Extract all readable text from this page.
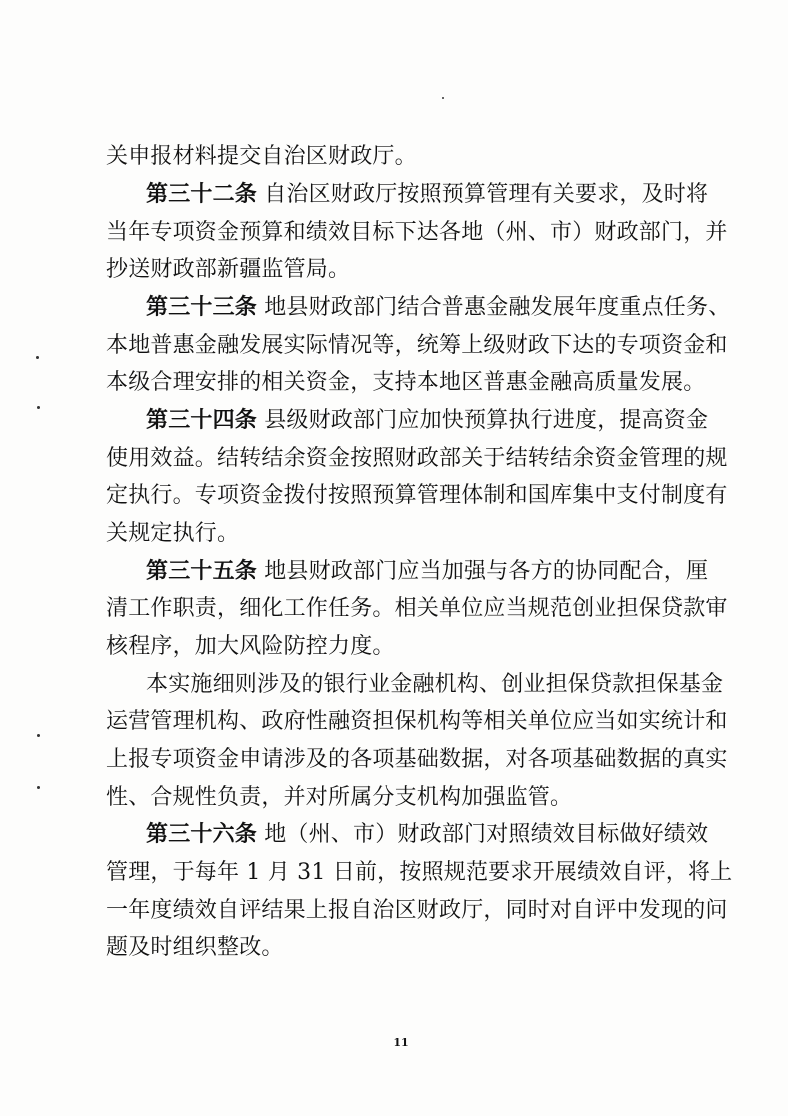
关申报材料提交自治区财政厅。
第三十二条 自治区财政厅按照预算管理有关要求，及时将
当年专项资金预算和绩效目标下达各地（州、市）财政部门，并
抄送财政部新疆监管局。
第三十三条 地县财政部门结合普惠金融发展年度重点任务、
本地普惠金融发展实际情况等，统筹上级财政下达的专项资金和
本级合理安排的相关资金，支持本地区普惠金融高质量发展。
第三十四条 县级财政部门应加快预算执行进度，提高资金
使用效益。结转结余资金按照财政部关于结转结余资金管理的规
定执行。专项资金拨付按照预算管理体制和国库集中支付制度有
关规定执行。
第三十五条 地县财政部门应当加强与各方的协同配合，厘
清工作职责，细化工作任务。相关单位应当规范创业担保贷款审
核程序，加大风险防控力度。
本实施细则涉及的银行业金融机构、创业担保贷款担保基金
运营管理机构、政府性融资担保机构等相关单位应当如实统计和
上报专项资金申请涉及的各项基础数据，对各项基础数据的真实
性、合规性负责，并对所属分支机构加强监管。
第三十六条 地（州、市）财政部门对照绩效目标做好绩效
管理，于每年 1 月 31 日前，按照规范要求开展绩效自评，将上
一年度绩效自评结果上报自治区财政厅，同时对自评中发现的问
题及时组织整改。
11
